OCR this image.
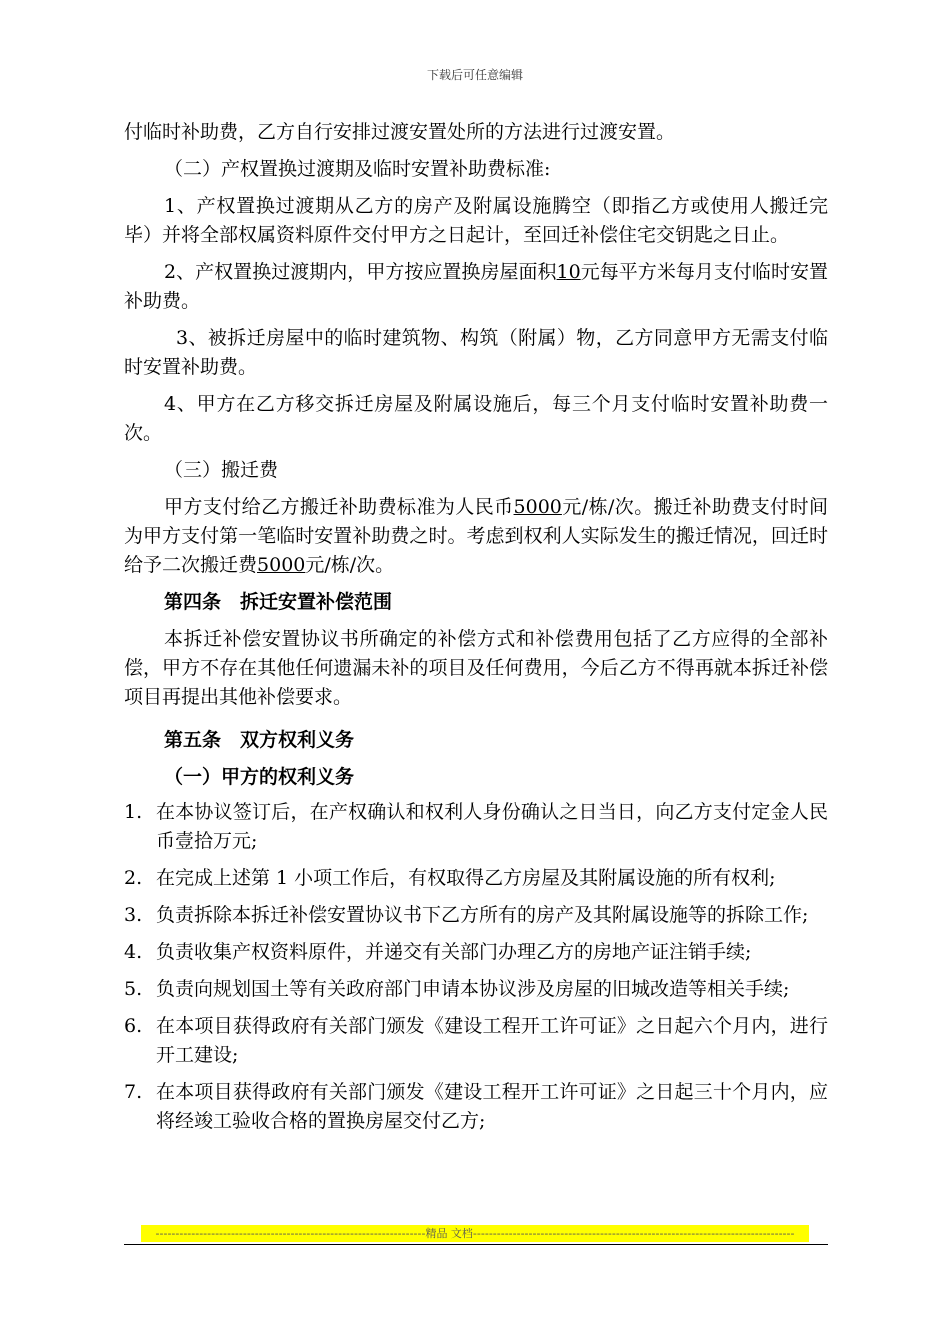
下载后可任意编辑

付临时补助费，乙方自行安排过渡安置处所的方法进行过渡安置。

（二）产权置换过渡期及临时安置补助费标准:

1、产权置换过渡期从乙方的房产及附属设施腾空（即指乙方或使用人搬迁完毕）并将全部权属资料原件交付甲方之日起计，至回迁补偿住宅交钥匙之日止。

2、产权置换过渡期内，甲方按应置换房屋面积10元每平方米每月支付临时安置补助费。

3、被拆迁房屋中的临时建筑物、构筑（附属）物，乙方同意甲方无需支付临时安置补助费。

4、甲方在乙方移交拆迁房屋及附属设施后，每三个月支付临时安置补助费一次。

（三）搬迁费

甲方支付给乙方搬迁补助费标准为人民币5000元/栋/次。搬迁补助费支付时间为甲方支付第一笔临时安置补助费之时。考虑到权利人实际发生的搬迁情况，回迁时给予二次搬迁费5000元/栋/次。

第四条　拆迁安置补偿范围

本拆迁补偿安置协议书所确定的补偿方式和补偿费用包括了乙方应得的全部补偿，甲方不存在其他任何遗漏未补的项目及任何费用，今后乙方不得再就本拆迁补偿项目再提出其他补偿要求。

第五条　双方权利义务
（一）甲方的权利义务
1. 在本协议签订后，在产权确认和权利人身份确认之日当日，向乙方支付定金人民币壹拾万元;
2. 在完成上述第 1 小项工作后，有权取得乙方房屋及其附属设施的所有权利;
3. 负责拆除本拆迁补偿安置协议书下乙方所有的房产及其附属设施等的拆除工作;
4. 负责收集产权资料原件，并递交有关部门办理乙方的房地产证注销手续;
5. 负责向规划国土等有关政府部门申请本协议涉及房屋的旧城改造等相关手续;
6. 在本项目获得政府有关部门颁发《建设工程开工许可证》之日起六个月内，进行开工建设;
7. 在本项目获得政府有关部门颁发《建设工程开工许可证》之日起三十个月内，应将经竣工验收合格的置换房屋交付乙方;
--------------------------------------------------------------------精品 文档---------------------------------------------------------------------------------
